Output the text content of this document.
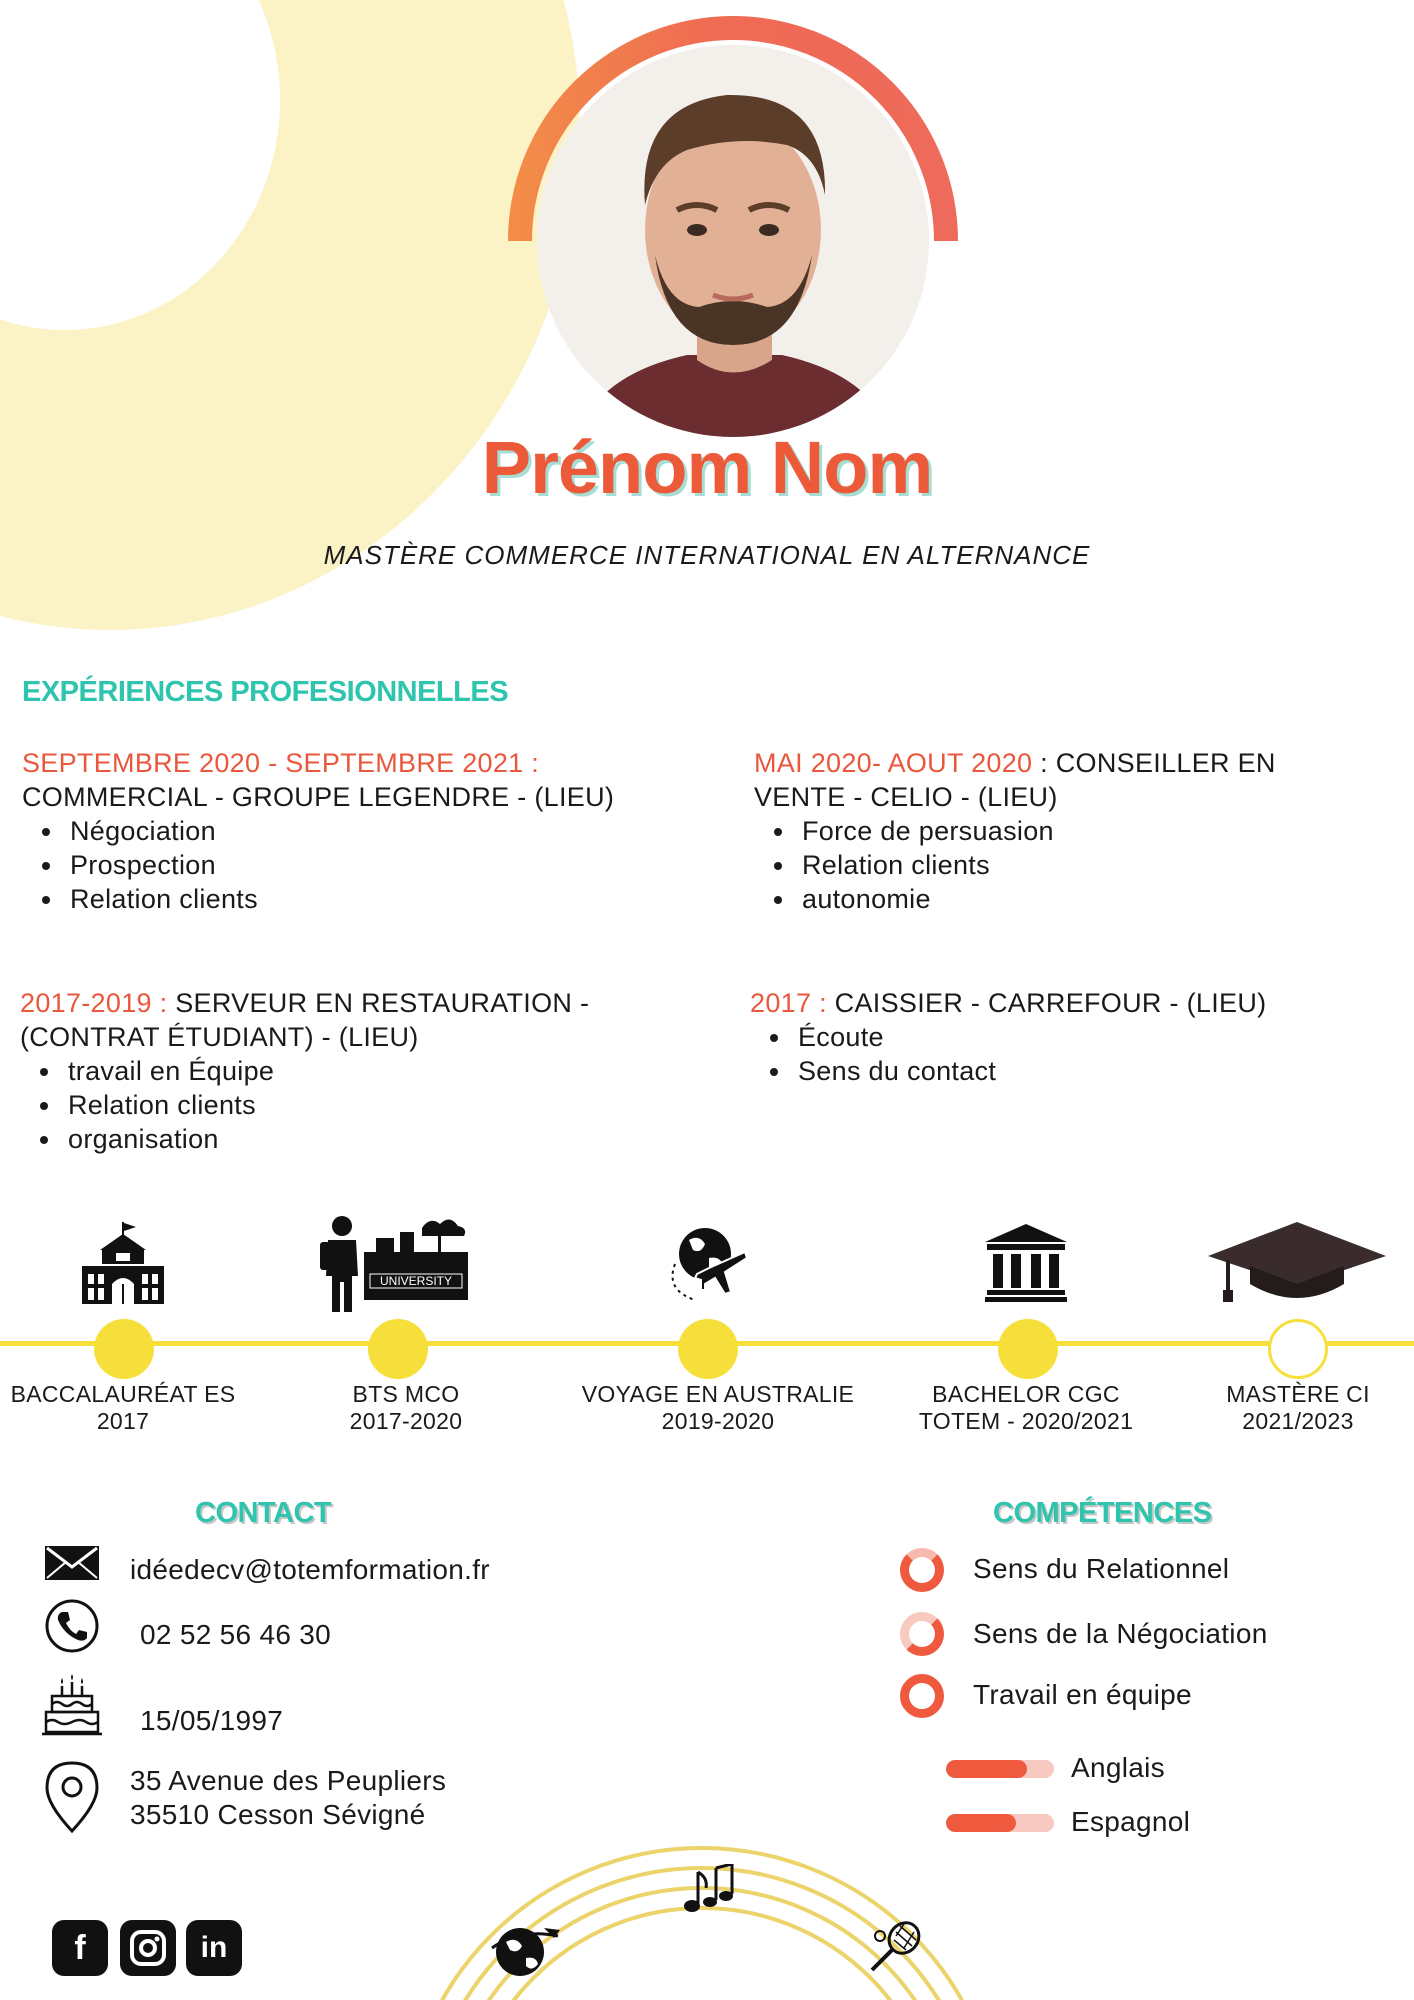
Prénom Nom
MASTÈRE COMMERCE INTERNATIONAL EN ALTERNANCE
EXPÉRIENCES PROFESIONNELLES
SEPTEMBRE 2020 - SEPTEMBRE 2021 :
COMMERCIAL - GROUPE LEGENDRE - (LIEU)
Négociation
Prospection
Relation clients
MAI 2020- AOUT 2020 : CONSEILLER EN VENTE - CELIO - (LIEU)
Force de persuasion
Relation clients
autonomie
2017-2019 : SERVEUR EN RESTAURATION - (CONTRAT ÉTUDIANT) - (LIEU)
travail en Équipe
Relation clients
organisation
2017 : CAISSIER - CARREFOUR - (LIEU)
Écoute
Sens du contact
UNIVERSITY
BACCALAURÉAT ES
2017
BTS MCO
2017-2020
VOYAGE EN AUSTRALIE
2019-2020
BACHELOR CGC
TOTEM - 2020/2021
MASTÈRE CI
2021/2023
CONTACT
idéedecv@totemformation.fr
02 52 56 46 30
15/05/1997
35 Avenue des Peupliers
35510 Cesson Sévigné
COMPÉTENCES
Sens du Relationnel
Sens de la Négociation
Travail en équipe
Anglais
Espagnol
f	in
